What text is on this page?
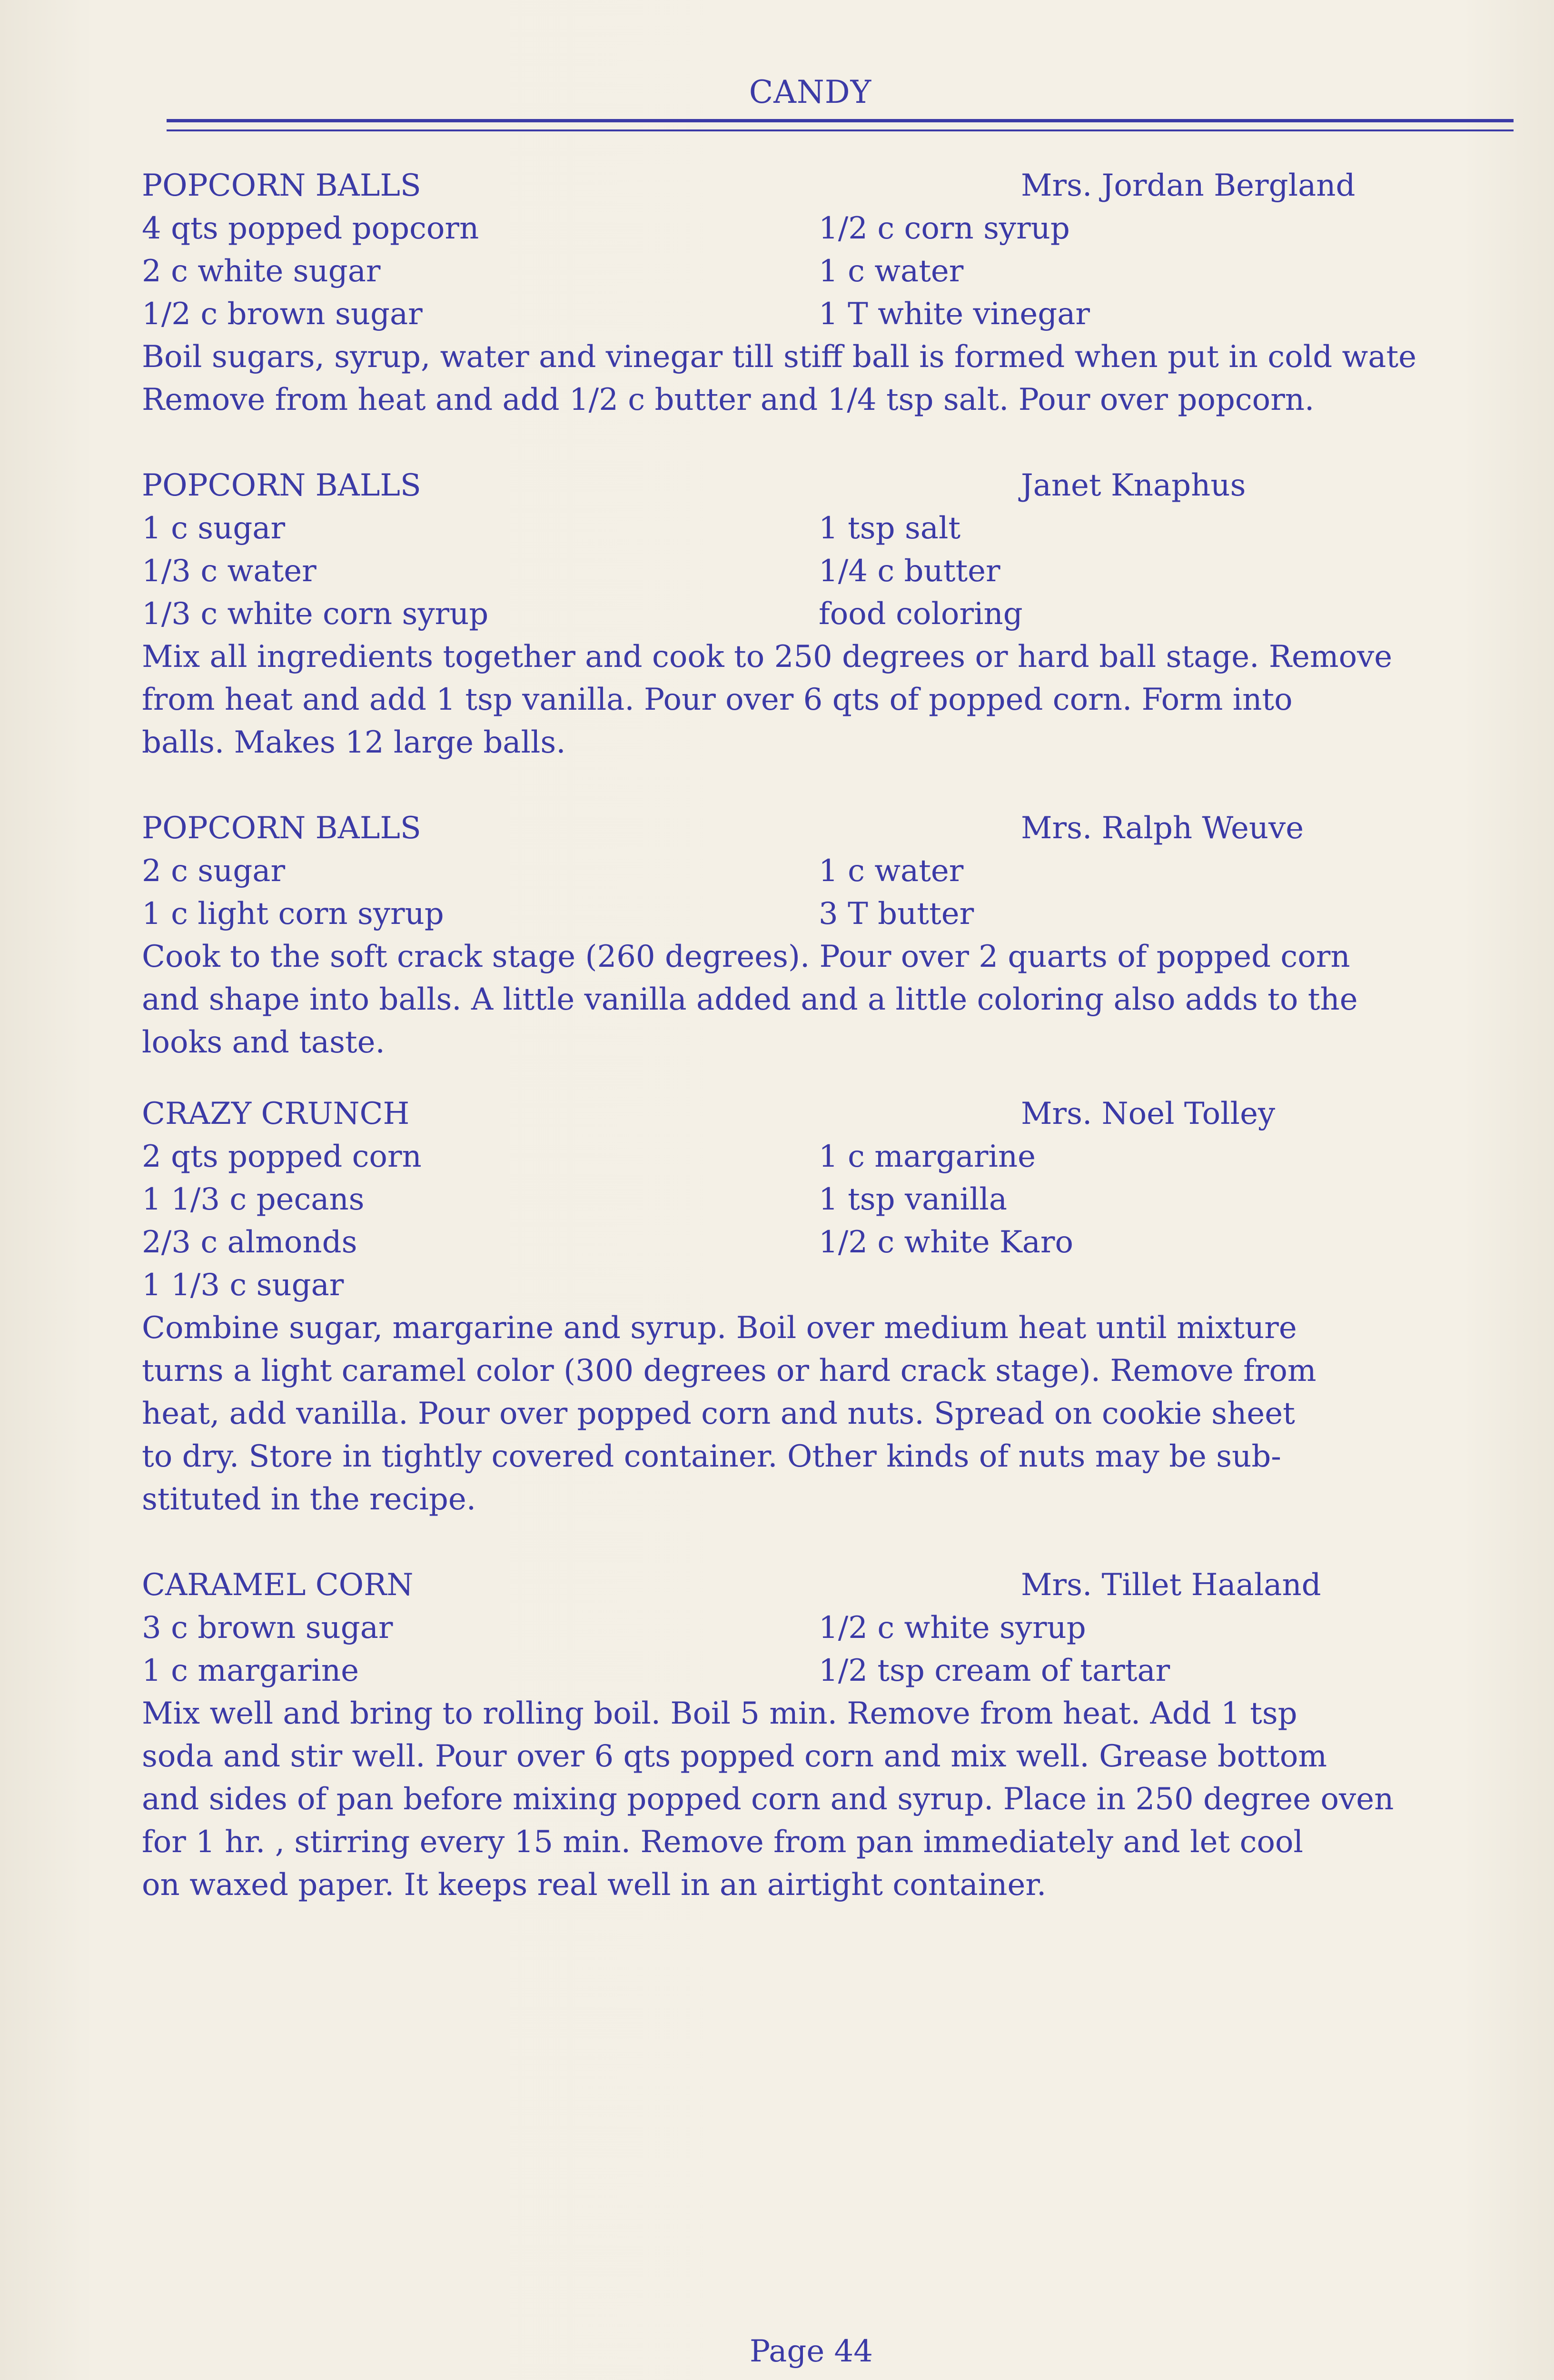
CANDY
POPCORN BALLS	Mrs. Jordan Bergland
4 qts popped popcorn	1/2 c corn syrup
2 c white sugar	1 c water
1/2 c brown sugar	1 T white vinegar
Boil sugars, syrup, water and vinegar till stiff ball is formed when put in cold wate
Remove from heat and add 1/2 c butter and 1/4 tsp salt. Pour over popcorn.
POPCORN BALLS	Janet Knaphus
1 c sugar	1 tsp salt
1/3 c water	1/4 c butter
1/3 c white corn syrup	food coloring
Mix all ingredients together and cook to 250 degrees or hard ball stage. Remove
from heat and add 1 tsp vanilla. Pour over 6 qts of popped corn. Form into
balls. Makes 12 large balls.
POPCORN BALLS	Mrs. Ralph Weuve
2 c sugar	1 c water
1 c light corn syrup	3 T butter
Cook to the soft crack stage (260 degrees). Pour over 2 quarts of popped corn
and shape into balls. A little vanilla added and a little coloring also adds to the
looks and taste.
CRAZY CRUNCH	Mrs. Noel Tolley
2 qts popped corn	1 c margarine
1 1/3 c pecans	1 tsp vanilla
2/3 c almonds	1/2 c white Karo
1 1/3 c sugar
Combine sugar, margarine and syrup. Boil over medium heat until mixture
turns a light caramel color (300 degrees or hard crack stage). Remove from
heat, add vanilla. Pour over popped corn and nuts. Spread on cookie sheet
to dry. Store in tightly covered container. Other kinds of nuts may be sub-
stituted in the recipe.
CARAMEL CORN	Mrs. Tillet Haaland
3 c brown sugar	1/2 c white syrup
1 c margarine	1/2 tsp cream of tartar
Mix well and bring to rolling boil. Boil 5 min. Remove from heat. Add 1 tsp
soda and stir well. Pour over 6 qts popped corn and mix well. Grease bottom
and sides of pan before mixing popped corn and syrup. Place in 250 degree oven
for 1 hr. , stirring every 15 min. Remove from pan immediately and let cool
on waxed paper. It keeps real well in an airtight container.
Page 44
